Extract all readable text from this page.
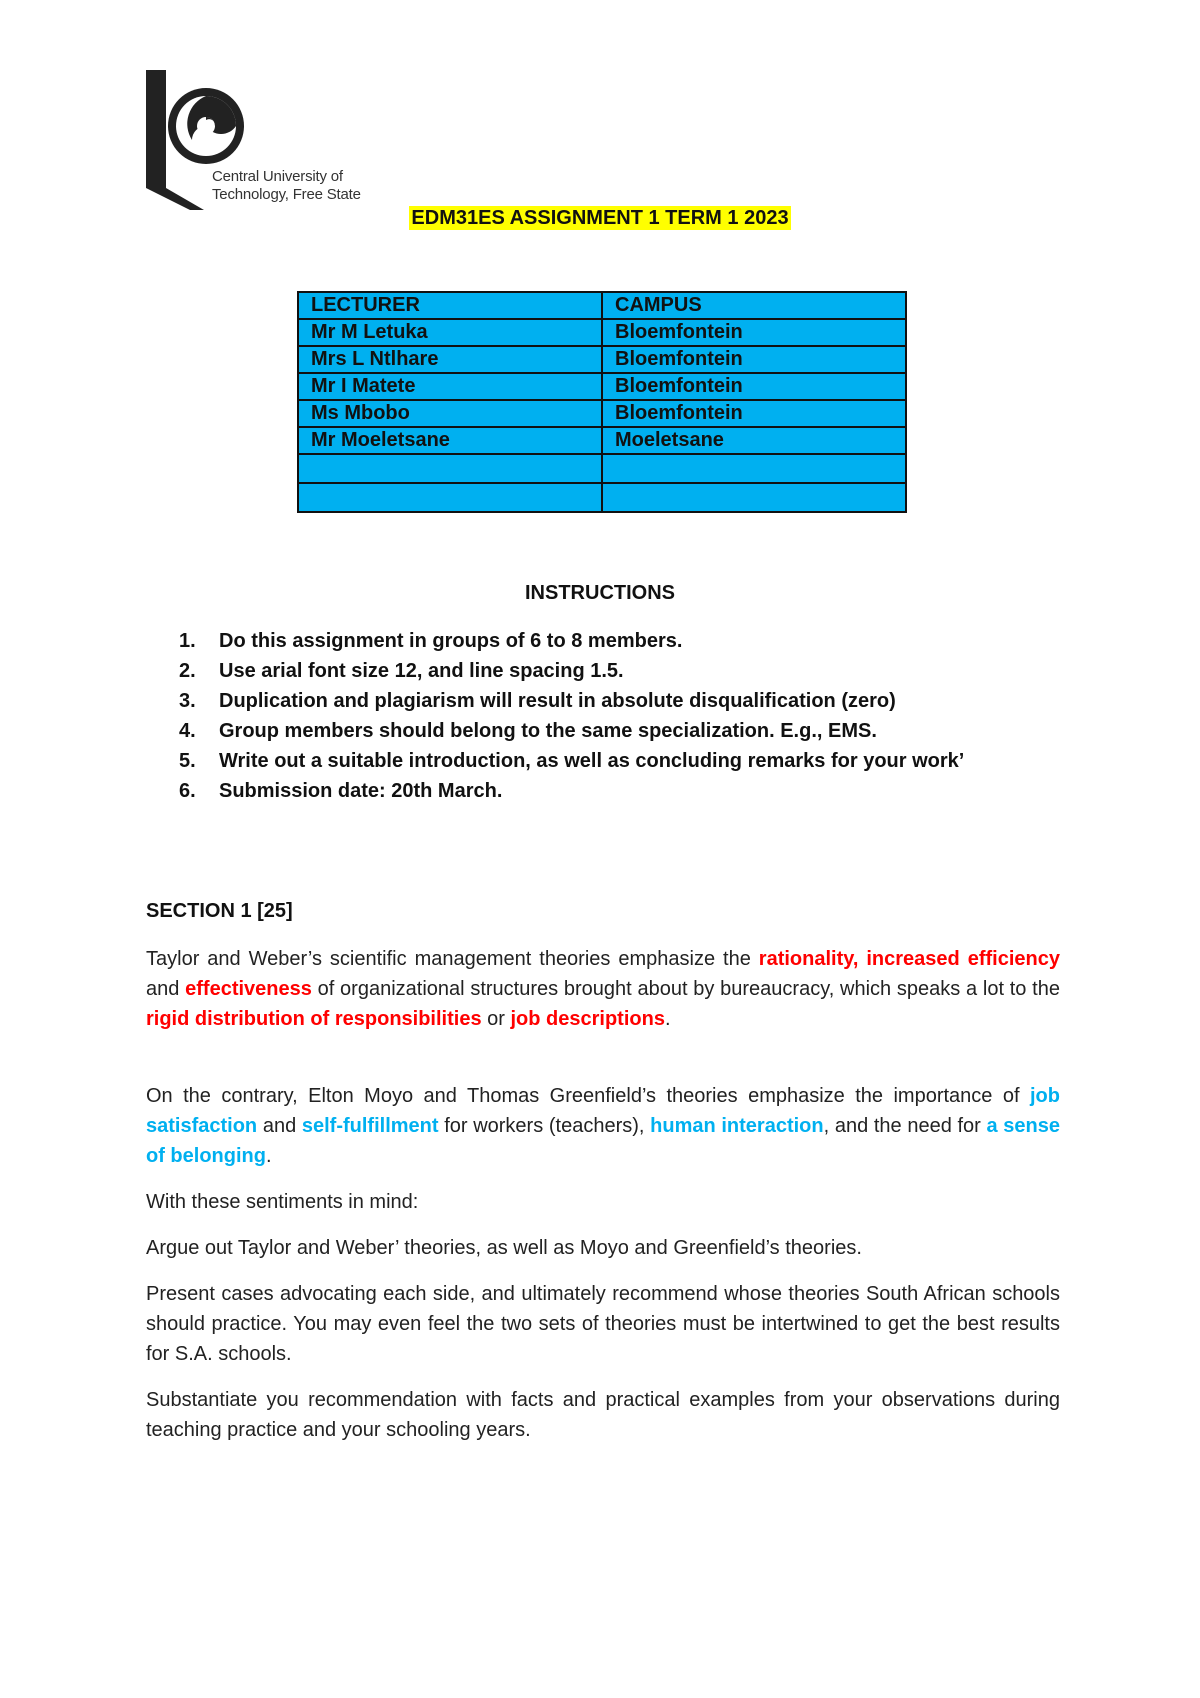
Central University of
Technology, Free State
EDM31ES ASSIGNMENT 1 TERM 1 2023
LECTURER	CAMPUS
Mr M Letuka	Bloemfontein
Mrs L Ntlhare	Bloemfontein
Mr I Matete	Bloemfontein
Ms Mbobo	Bloemfontein
Mr Moeletsane	Moeletsane

INSTRUCTIONS
1. Do this assignment in groups of 6 to 8 members.
2. Use arial font size 12, and line spacing 1.5.
3. Duplication and plagiarism will result in absolute disqualification (zero)
4. Group members should belong to the same specialization. E.g., EMS.
5. Write out a suitable introduction, as well as concluding remarks for your work’
6. Submission date: 20th March.
SECTION 1 [25]

Taylor and Weber’s scientific management theories emphasize the rationality, increased efficiency and effectiveness of organizational structures brought about by bureaucracy, which speaks a lot to the rigid distribution of responsibilities or job descriptions.

On the contrary, Elton Moyo and Thomas Greenfield’s theories emphasize the importance of job satisfaction and self-fulfillment for workers (teachers), human interaction, and the need for a sense of belonging.

With these sentiments in mind:

Argue out Taylor and Weber’ theories, as well as Moyo and Greenfield’s theories.

Present cases advocating each side, and ultimately recommend whose theories South African schools should practice. You may even feel the two sets of theories must be intertwined to get the best results for S.A. schools.

Substantiate you recommendation with facts and practical examples from your observations during teaching practice and your schooling years.
